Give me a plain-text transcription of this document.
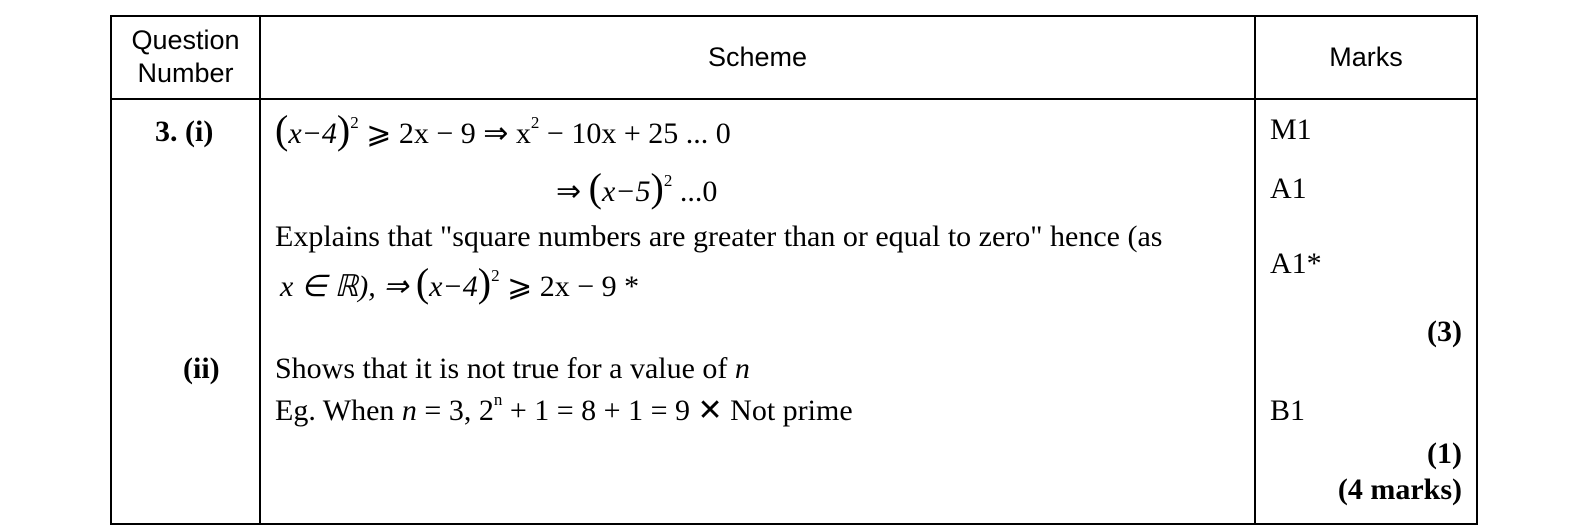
Question
Number
Scheme	Marks
3. (i)
(ii)
$(x-4)^2$ ⩾ 2x − 9 ⇒ $x^2 - 10x + 25$ ... 0
⇒ $(x-5)^2$ ...0
Explains that "square numbers are greater than or equal to zero" hence (as
x ∈ ℝ), ⇒ $(x-4)^2$ ⩾ 2x − 9 *
Shows that it is not true for a value of n
Eg. When n = 3, $2^n + 1 = 8 + 1 = 9$ ✕ Not prime
M1
A1
A1*
(3)
B1
(1)
(4 marks)
